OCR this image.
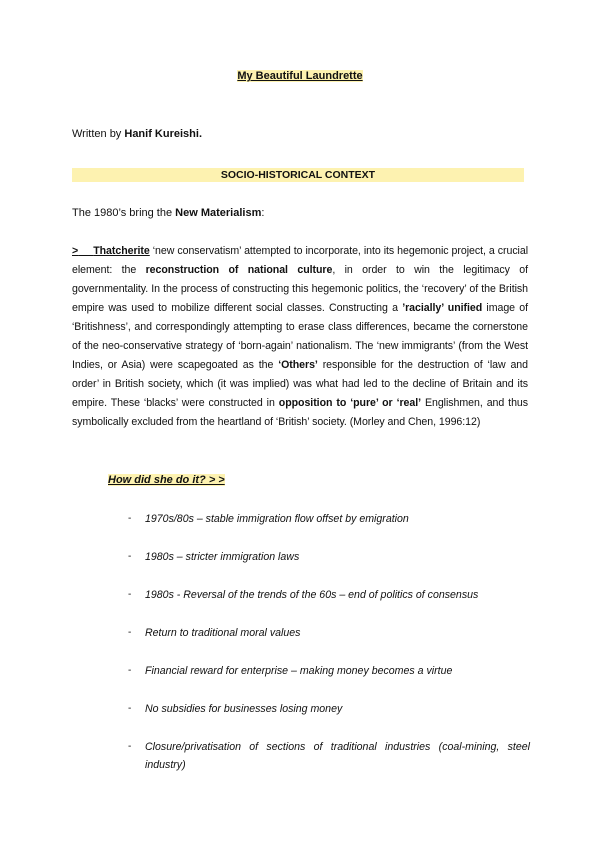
My Beautiful Laundrette
Written by Hanif Kureishi.
SOCIO-HISTORICAL CONTEXT
The 1980’s bring the New Materialism:
> Thatcherite ‘new conservatism’ attempted to incorporate, into its hegemonic project, a crucial element: the reconstruction of national culture, in order to win the legitimacy of governmentality. In the process of constructing this hegemonic politics, the ‘recovery’ of the British empire was used to mobilize different social classes. Constructing a ’racially’ unified image of ‘Britishness’, and correspondingly attempting to erase class differences, became the cornerstone of the neo-conservative strategy of ‘born-again’ nationalism. The ‘new immigrants’ (from the West Indies, or Asia) were scapegoated as the ‘Others’ responsible for the destruction of ‘law and order’ in British society, which (it was implied) was what had led to the decline of Britain and its empire. These ‘blacks’ were constructed in opposition to ‘pure’ or ‘real’ Englishmen, and thus symbolically excluded from the heartland of ‘British’ society. (Morley and Chen, 1996:12)
How did she do it? > >
- 1970s/80s – stable immigration flow offset by emigration
- 1980s – stricter immigration laws
- 1980s - Reversal of the trends of the 60s – end of politics of consensus
- Return to traditional moral values
- Financial reward for enterprise – making money becomes a virtue
- No subsidies for businesses losing money
- Closure/privatisation of sections of traditional industries (coal-mining, steel industry)
